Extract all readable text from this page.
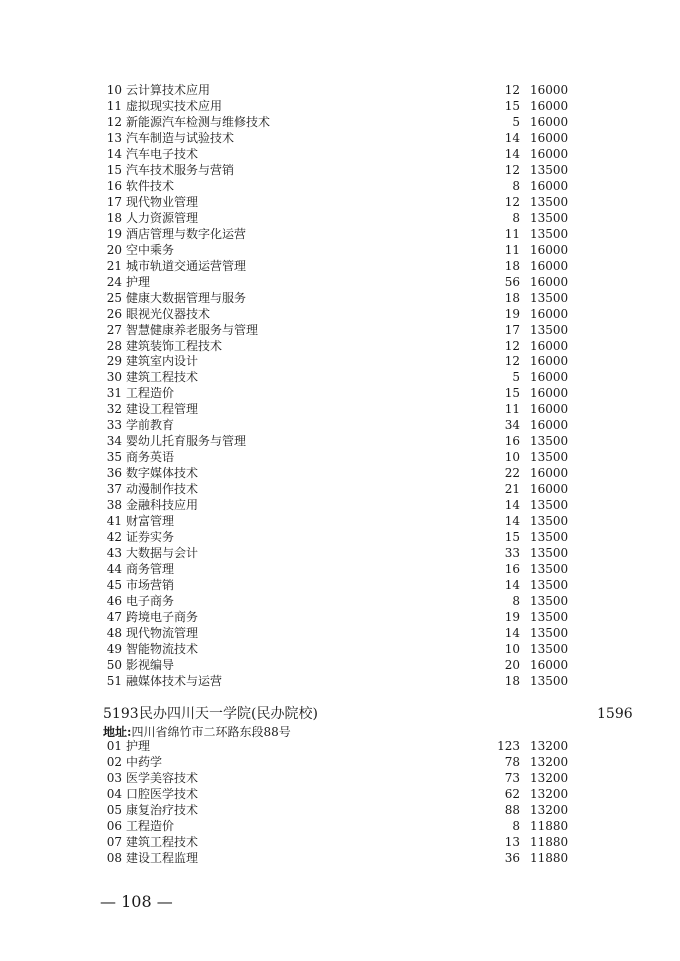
10 云计算技术应用	12 16000
11 虚拟现实技术应用	15 16000
12 新能源汽车检测与维修技术	5 16000
13 汽车制造与试验技术	14 16000
14 汽车电子技术	14 16000
15 汽车技术服务与营销	12 13500
16 软件技术	8 16000
17 现代物业管理	12 13500
18 人力资源管理	8 13500
19 酒店管理与数字化运营	11 13500
20 空中乘务	11 16000
21 城市轨道交通运营管理	18 16000
24 护理	56 16000
25 健康大数据管理与服务	18 13500
26 眼视光仪器技术	19 16000
27 智慧健康养老服务与管理	17 13500
28 建筑装饰工程技术	12 16000
29 建筑室内设计	12 16000
30 建筑工程技术	5 16000
31 工程造价	15 16000
32 建设工程管理	11 16000
33 学前教育	34 16000
34 婴幼儿托育服务与管理	16 13500
35 商务英语	10 13500
36 数字媒体技术	22 16000
37 动漫制作技术	21 16000
38 金融科技应用	14 13500
41 财富管理	14 13500
42 证券实务	15 13500
43 大数据与会计	33 13500
44 商务管理	16 13500
45 市场营销	14 13500
46 电子商务	8 13500
47 跨境电子商务	19 13500
48 现代物流管理	14 13500
49 智能物流技术	10 13500
50 影视编导	20 16000
51 融媒体技术与运营	18 13500
5193 民办四川天一学院(民办院校)	1596
地址:四川省绵竹市二环路东段88号
01 护理	123 13200
02 中药学	78 13200
03 医学美容技术	73 13200
04 口腔医学技术	62 13200
05 康复治疗技术	88 13200
06 工程造价	8 11880
07 建筑工程技术	13 11880
08 建设工程监理	36 11880
— 108 —
